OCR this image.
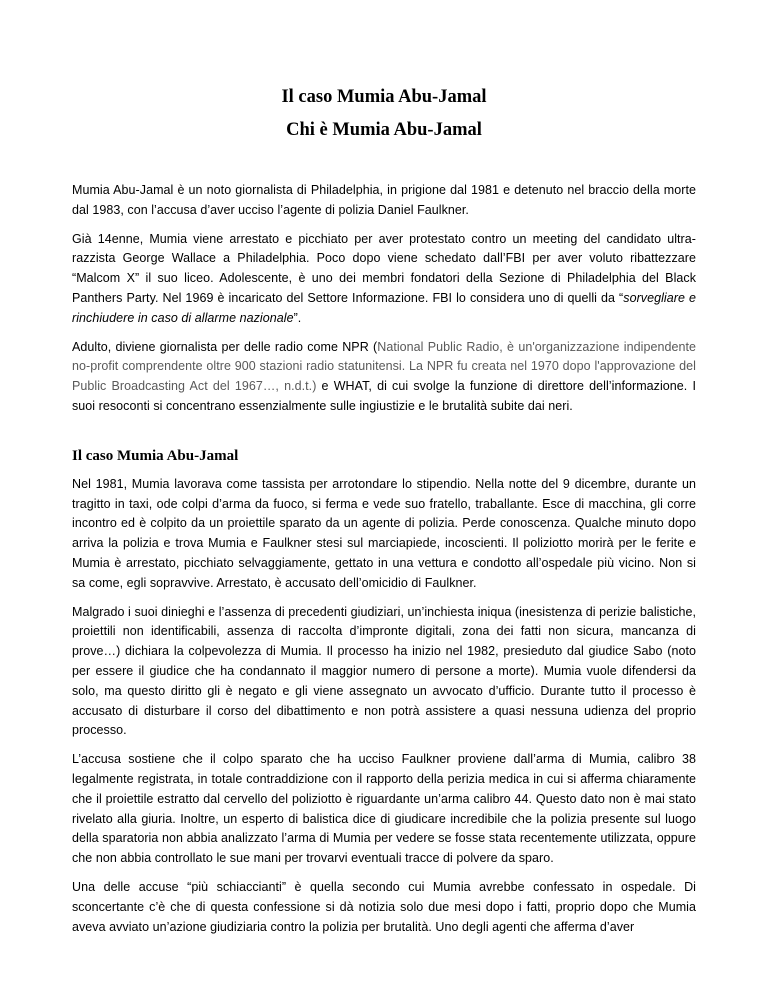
Il caso Mumia Abu-Jamal
Chi è Mumia Abu-Jamal

Mumia Abu-Jamal è un noto giornalista di Philadelphia, in prigione dal 1981 e detenuto nel braccio della morte dal 1983, con l’accusa d’aver ucciso l’agente di polizia Daniel Faulkner.

Già 14enne, Mumia viene arrestato e picchiato per aver protestato contro un meeting del candidato ultra-razzista George Wallace a Philadelphia. Poco dopo viene schedato dall’FBI per aver voluto ribattezzare “Malcom X” il suo liceo. Adolescente, è uno dei membri fondatori della Sezione di Philadelphia del Black Panthers Party. Nel 1969 è incaricato del Settore Informazione. FBI lo considera uno di quelli da “sorvegliare e rinchiudere in caso di allarme nazionale”.

Adulto, diviene giornalista per delle radio come NPR (National Public Radio, è un'organizzazione indipendente no-profit comprendente oltre 900 stazioni radio statunitensi. La NPR fu creata nel 1970 dopo l'approvazione del Public Broadcasting Act del 1967…, n.d.t.) e WHAT, di cui svolge la funzione di direttore dell’informazione. I suoi resoconti si concentrano essenzialmente sulle ingiustizie e le brutalità subite dai neri.

Il caso Mumia Abu-Jamal

Nel 1981, Mumia lavorava come tassista per arrotondare lo stipendio. Nella notte del 9 dicembre, durante un tragitto in taxi, ode colpi d’arma da fuoco, si ferma e vede suo fratello, traballante. Esce di macchina, gli corre incontro ed è colpito da un proiettile sparato da un agente di polizia. Perde conoscenza. Qualche minuto dopo arriva la polizia e trova Mumia e Faulkner stesi sul marciapiede, incoscienti. Il poliziotto morirà per le ferite e Mumia è arrestato, picchiato selvaggiamente, gettato in una vettura e condotto all’ospedale più vicino. Non si sa come, egli sopravvive. Arrestato, è accusato dell’omicidio di Faulkner.

Malgrado i suoi dinieghi e l’assenza di precedenti giudiziari, un’inchiesta iniqua (inesistenza di perizie balistiche, proiettili non identificabili, assenza di raccolta d’impronte digitali, zona dei fatti non sicura, mancanza di prove…) dichiara la colpevolezza di Mumia. Il processo ha inizio nel 1982, presieduto dal giudice Sabo (noto per essere il giudice che ha condannato il maggior numero di persone a morte). Mumia vuole difendersi da solo, ma questo diritto gli è negato e gli viene assegnato un avvocato d’ufficio. Durante tutto il processo è accusato di disturbare il corso del dibattimento e non potrà assistere a quasi nessuna udienza del proprio processo.

L’accusa sostiene che il colpo sparato che ha ucciso Faulkner proviene dall’arma di Mumia, calibro 38 legalmente registrata, in totale contraddizione con il rapporto della perizia medica in cui si afferma chiaramente che il proiettile estratto dal cervello del poliziotto è riguardante un’arma calibro 44. Questo dato non è mai stato rivelato alla giuria. Inoltre, un esperto di balistica dice di giudicare incredibile che la polizia presente sul luogo della sparatoria non abbia analizzato l’arma di Mumia per vedere se fosse stata recentemente utilizzata, oppure che non abbia controllato le sue mani per trovarvi eventuali tracce di polvere da sparo.

Una delle accuse “più schiaccianti” è quella secondo cui Mumia avrebbe confessato in ospedale. Di sconcertante c’è che di questa confessione si dà notizia solo due mesi dopo i fatti, proprio dopo che Mumia aveva avviato un’azione giudiziaria contro la polizia per brutalità. Uno degli agenti che afferma d’aver
